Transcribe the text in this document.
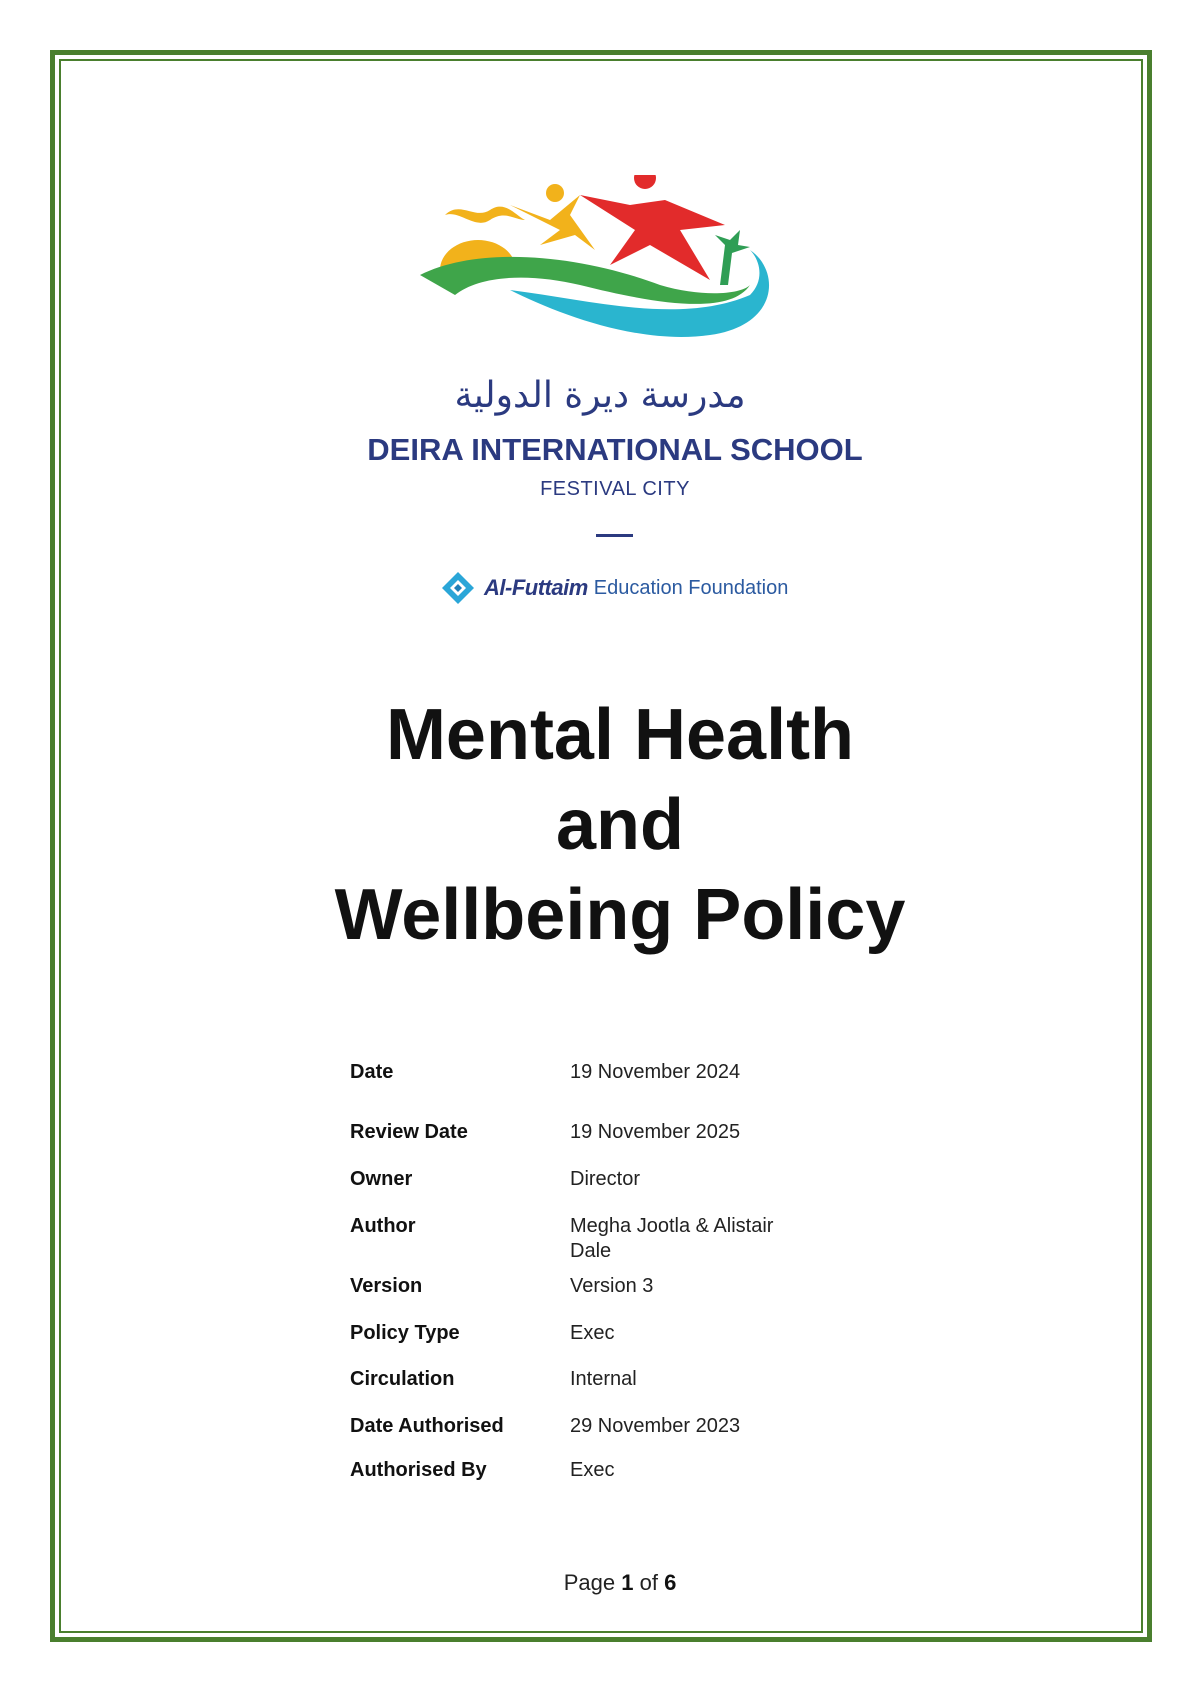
مدرسة ديرة الدولية
DEIRA INTERNATIONAL SCHOOL
FESTIVAL CITY
Al-Futtaim Education Foundation
Mental Health
and
Wellbeing Policy
Date	19 November 2024
Review Date	19 November 2025
Owner	Director
Author	Megha Jootla & Alistair Dale
Version	Version 3
Policy Type	Exec
Circulation	Internal
Date Authorised	29 November 2023
Authorised By	Exec
Page 1 of 6
